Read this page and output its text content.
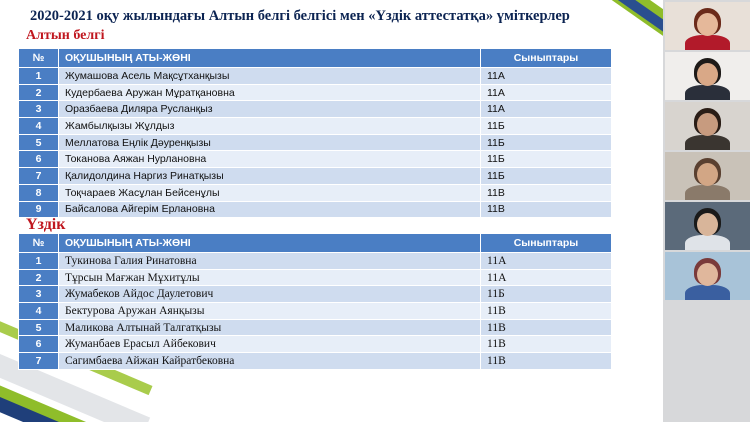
2020-2021 оқу жылындағы Алтын белгі белгісі мен «Үздік аттестатқа» үміткерлер
Алтын белгі
№	ОҚУШЫНЫҢ АТЫ-ЖӨНІ	Сыныптары
1	Жумашова Асель Мақсұтханқызы	11А
2	Кудербаева Аружан Мұратқановна	11А
3	Оразбаева Диляра Русланқыз	11А
4	Жамбылқызы Жұлдыз	11Б
5	Меллатова Еңлік Дәуренқызы	11Б
6	Токанова Аяжан Нурлановна	11Б
7	Қалидолдина Наргиз Ринатқызы	11Б
8	Тоқчараев Жасұлан Бейсенұлы	11В
9	Байсалова Айгерім Ерлановна	11В
Үздік
№	ОҚУШЫНЫҢ АТЫ-ЖӨНІ	Сыныптары
1	Тукинова Галия Ринатовна	11А
2	Тұрсын Мағжан Мұхитұлы	11А
3	Жумабеков Айдос Даулетович	11Б
4	Бектурова Аружан Аянқызы	11В
5	Маликова Алтынай Талгатқызы	11В
6	Жуманбаев Ерасыл Айбекович	11В
7	Сагимбаева Айжан Кайратбековна	11В
